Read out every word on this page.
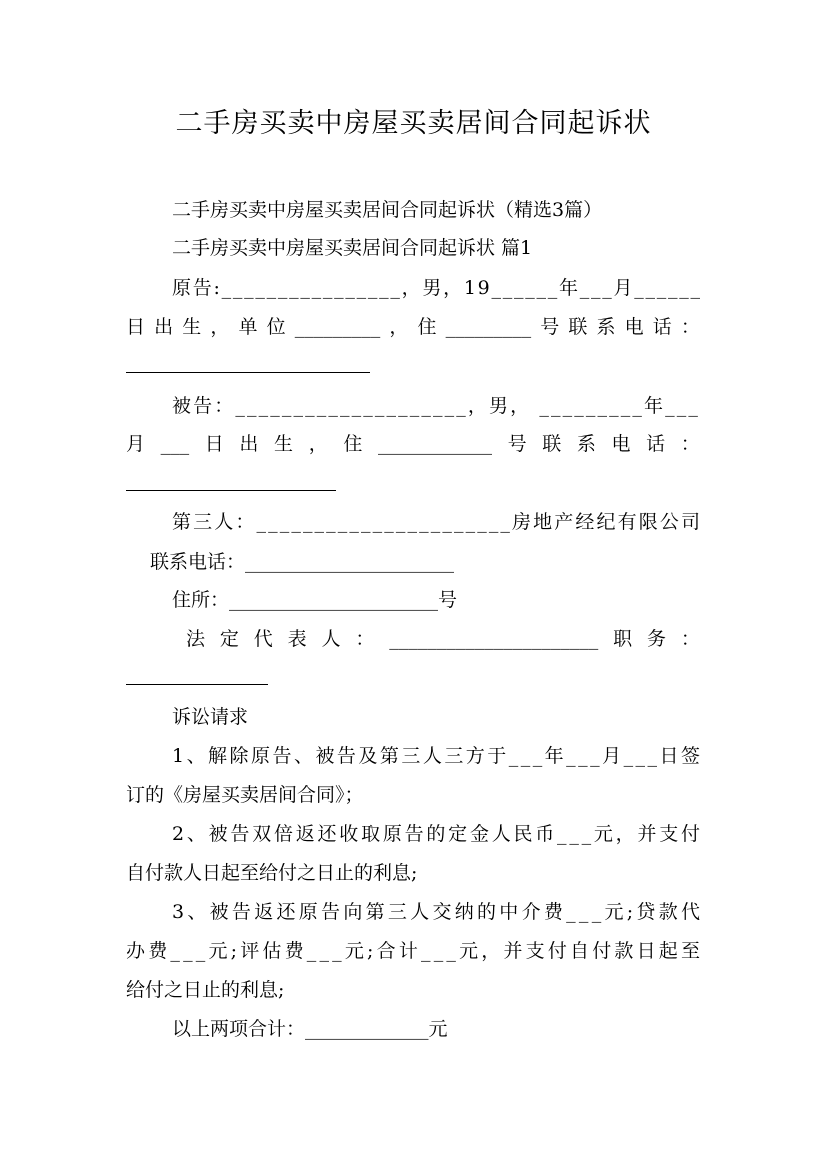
二手房买卖中房屋买卖居间合同起诉状
二手房买卖中房屋买卖居间合同起诉状（精选3篇）
二手房买卖中房屋买卖居间合同起诉状 篇1
原告:________________，男，19______年___月______
日 出 生 ， 单 位 _________ ， 住 _________ 号 联 系 电 话 ：
被告：____________________，男， _________年___
月 ___ 日 出 生 ， 住 ____________ 号 联 系 电 话 ：
第三人：______________________房地产经纪有限公司
联系电话：______________________
住所：______________________号
法 定 代 表 人 ： ______________________ 职 务 ：
诉讼请求
1、解除原告、被告及第三人三方于___年___月___日签
订的《房屋买卖居间合同》；
2、被告双倍返还收取原告的定金人民币___元，并支付
自付款人日起至给付之日止的利息;
3、被告返还原告向第三人交纳的中介费___元;贷款代
办费___元;评估费___元;合计___元，并支付自付款日起至
给付之日止的利息;
以上两项合计：_____________元
